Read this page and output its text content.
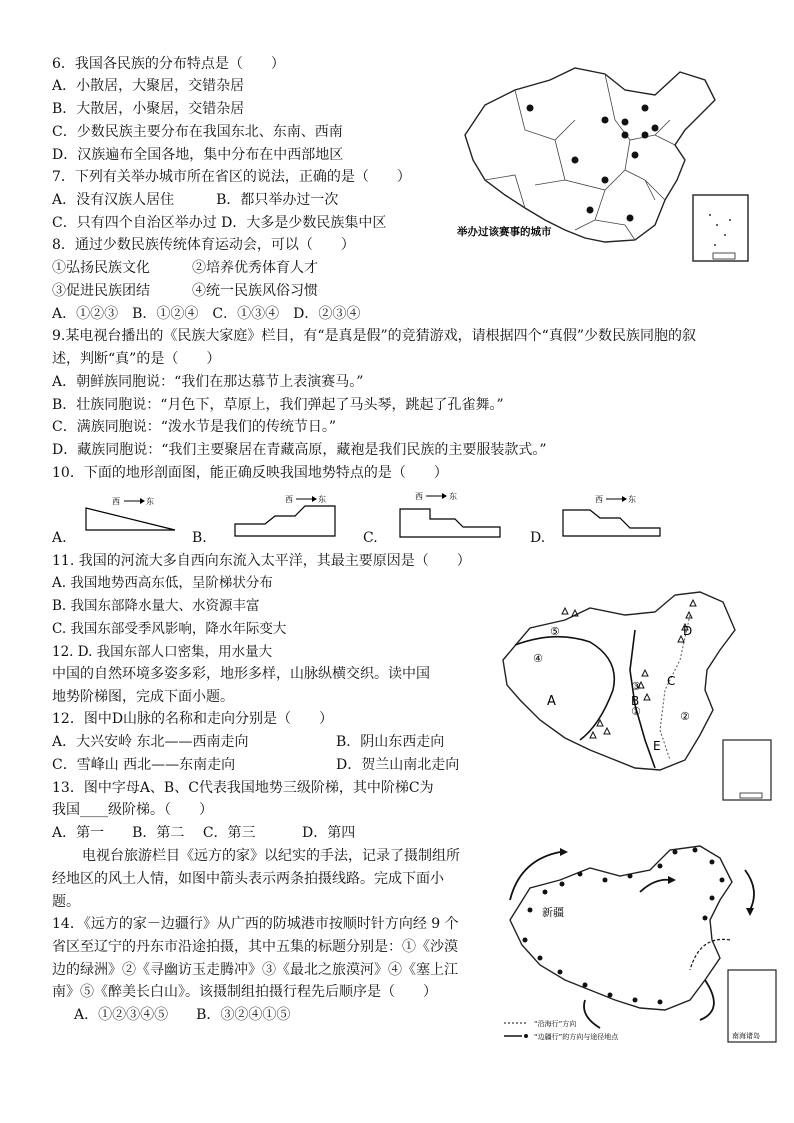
6．我国各民族的分布特点是（　　）
A．小散居，大聚居，交错杂居
B．大散居，小聚居，交错杂居
C．少数民族主要分布在我国东北、东南、西南
D．汉族遍布全国各地，集中分布在中西部地区
7．下列有关举办城市所在省区的说法，正确的是（　　）
A．没有汉族人居住　　　B．都只举办过一次
C．只有四个自治区举办过 D．大多是少数民族集中区
8．通过少数民族传统体育运动会，可以（　　）
①弘扬民族文化　　　②培养优秀体育人才
③促进民族团结　　　④统一民族风俗习惯
A．①②③　B．①②④　C．①③④　D．②③④
举办过该赛事的城市
9.某电视台播出的《民族大家庭》栏目，有“是真是假”的竞猜游戏，请根据四个“真假”少数民族同胞的叙
述，判断“真”的是（　　）
A．朝鲜族同胞说：“我们在那达慕节上表演赛马。”
B．壮族同胞说：“月色下，草原上，我们弹起了马头琴，跳起了孔雀舞。”
C．满族同胞说：“泼水节是我们的传统节日。”
D．藏族同胞说：“我们主要聚居在青藏高原，藏袍是我们民族的主要服装款式。”
10．下面的地形剖面图，能正确反映我国地势特点的是（　　）
A.
西	东
B.
西	东
C.
西	东
D.
西	东
11. 我国的河流大多自西向东流入太平洋，其最主要原因是（　　）
A. 我国地势西高东低，呈阶梯状分布
B. 我国东部降水量大、水资源丰富
C. 我国东部受季风影响，降水年际变大
12. D. 我国东部人口密集，用水量大
中国的自然环境多姿多彩，地形多样，山脉纵横交织。读中国
地势阶梯图，完成下面小题。	A	B
C
D
E
①	②
③
④
⑤
12．图中D山脉的名称和走向分别是（　　）
A．大兴安岭 东北——西南走向	B．阴山东西走向
C．雪峰山 西北——东南走向	D．贺兰山南北走向
13．图中字母A、B、C代表我国地势三级阶梯，其中阶梯C为
我国____级阶梯。（　　）
A．第一　　B．第二　 C．第三　　　 D．第四
电视台旅游栏目《远方的家》以纪实的手法，记录了摄制组所
经地区的风土人情，如图中箭头表示两条拍摄线路。完成下面小
题。
14．《远方的家－边疆行》从广西的防城港市按顺时针方向经 9 个
省区至辽宁的丹东市沿途拍摄，其中五集的标题分别是：①《沙漠
边的绿洲》②《寻幽访玉走腾冲》③《最北之旅漠河》④《塞上江
南》⑤《醉美长白山》。该摄制组拍摄行程先后顺序是（　　）
A．①②③④⑤　　B．③②④①⑤
新疆
“沿海行”方向
“边疆行”的方向与途径地点	南海诸岛
